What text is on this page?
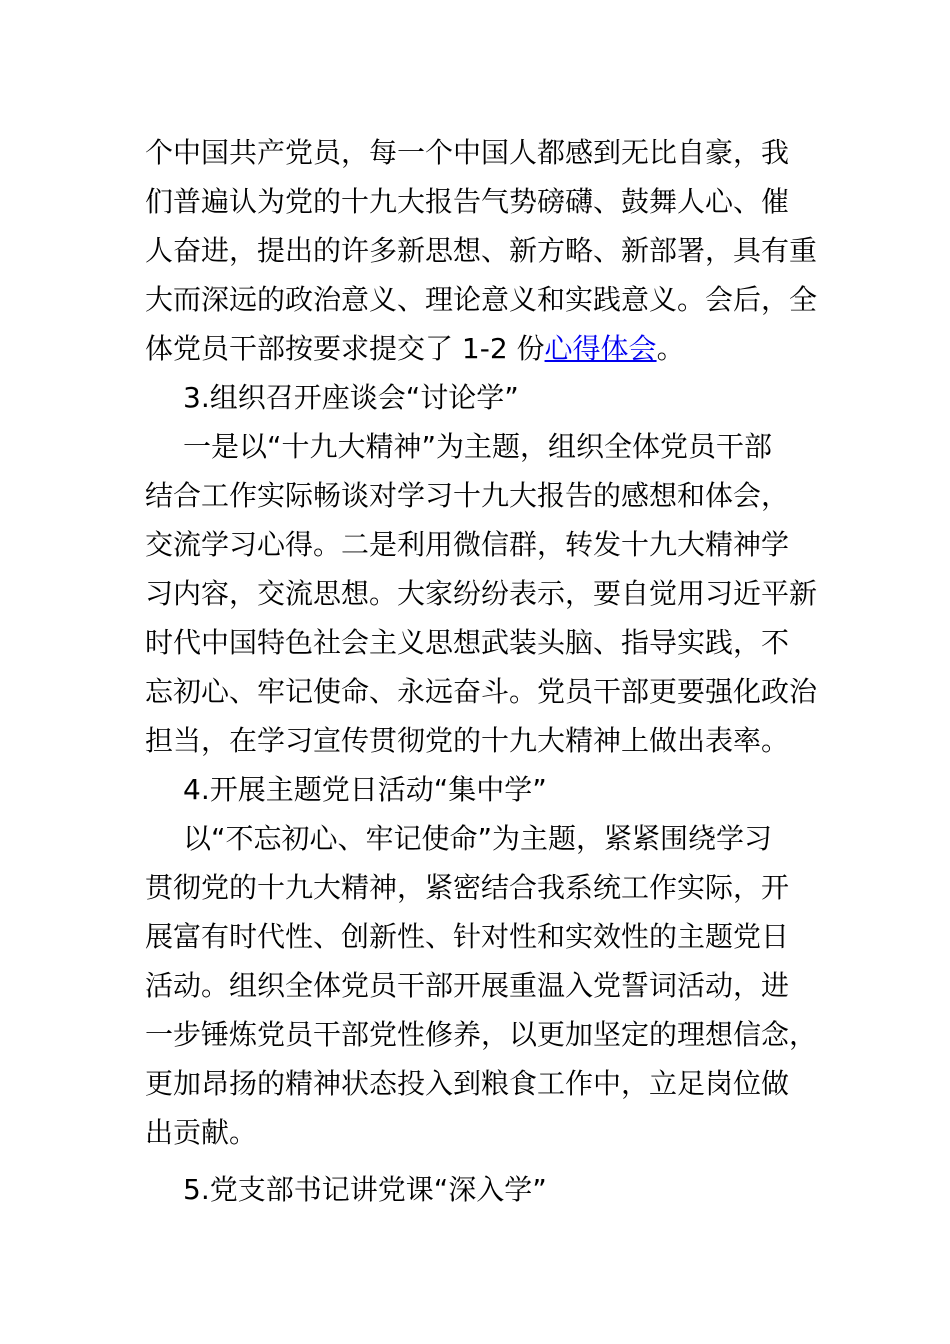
个中国共产党员，每一个中国人都感到无比自豪，我
们普遍认为党的十九大报告气势磅礴、鼓舞人心、催
人奋进，提出的许多新思想、新方略、新部署，具有重
大而深远的政治意义、理论意义和实践意义。会后，全
体党员干部按要求提交了 1-2 份心得体会。
3.组织召开座谈会“讨论学”
一是以“十九大精神”为主题，组织全体党员干部
结合工作实际畅谈对学习十九大报告的感想和体会，
交流学习心得。二是利用微信群，转发十九大精神学
习内容，交流思想。大家纷纷表示，要自觉用习近平新
时代中国特色社会主义思想武装头脑、指导实践，不
忘初心、牢记使命、永远奋斗。党员干部更要强化政治
担当，在学习宣传贯彻党的十九大精神上做出表率。
4.开展主题党日活动“集中学”
以“不忘初心、牢记使命”为主题，紧紧围绕学习
贯彻党的十九大精神，紧密结合我系统工作实际，开
展富有时代性、创新性、针对性和实效性的主题党日
活动。组织全体党员干部开展重温入党誓词活动，进
一步锤炼党员干部党性修养，以更加坚定的理想信念，
更加昂扬的精神状态投入到粮食工作中，立足岗位做
出贡献。
5.党支部书记讲党课“深入学”
